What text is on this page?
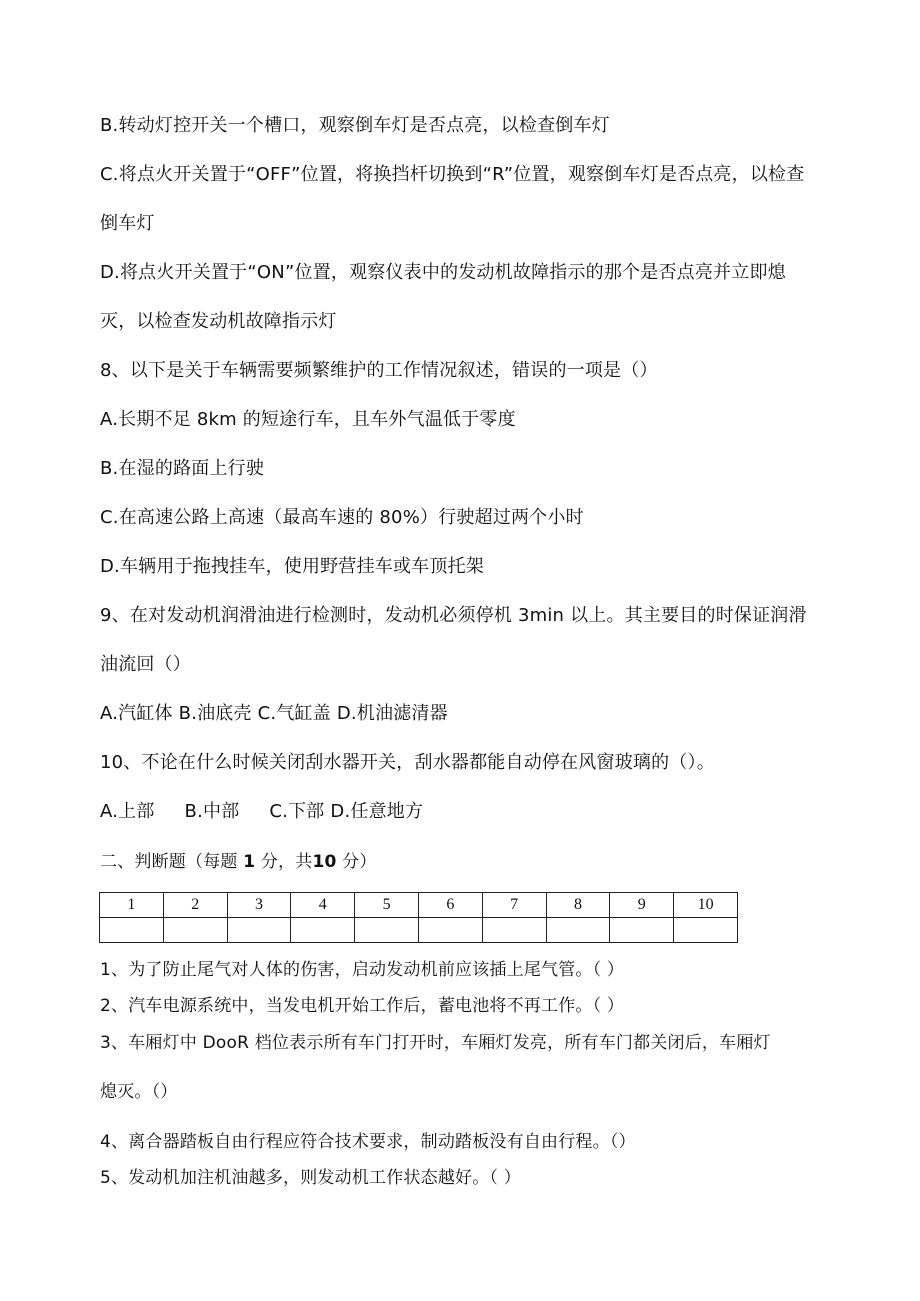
B.转动灯控开关一个槽口，观察倒车灯是否点亮，以检查倒车灯
C.将点火开关置于“OFF”位置，将换挡杆切换到“R”位置，观察倒车灯是否点亮，以检查
倒车灯
D.将点火开关置于“ON”位置，观察仪表中的发动机故障指示的那个是否点亮并立即熄
灭，以检查发动机故障指示灯
8、以下是关于车辆需要频繁维护的工作情况叙述，错误的一项是（）
A.长期不足 8km 的短途行车，且车外气温低于零度
B.在湿的路面上行驶
C.在高速公路上高速（最高车速的 80%）行驶超过两个小时
D.车辆用于拖拽挂车，使用野营挂车或车顶托架
9、在对发动机润滑油进行检测时，发动机必须停机 3min 以上。其主要目的时保证润滑
油流回（）
A.汽缸体 B.油底壳 C.气缸盖 D.机油滤清器
10、不论在什么时候关闭刮水器开关，刮水器都能自动停在风窗玻璃的（）。
A.上部 B.中部 C.下部 D.任意地方
二、判断题（每题 1 分，共10 分）
1	2	3	4	5	6	7	8	9	10

1、为了防止尾气对人体的伤害，启动发动机前应该插上尾气管。（ ）
2、汽车电源系统中，当发电机开始工作后，蓄电池将不再工作。（ ）
3、车厢灯中 DooR 档位表示所有车门打开时，车厢灯发亮，所有车门都关闭后，车厢灯
熄灭。（）
4、离合器踏板自由行程应符合技术要求，制动踏板没有自由行程。（）
5、发动机加注机油越多，则发动机工作状态越好。（ ）
